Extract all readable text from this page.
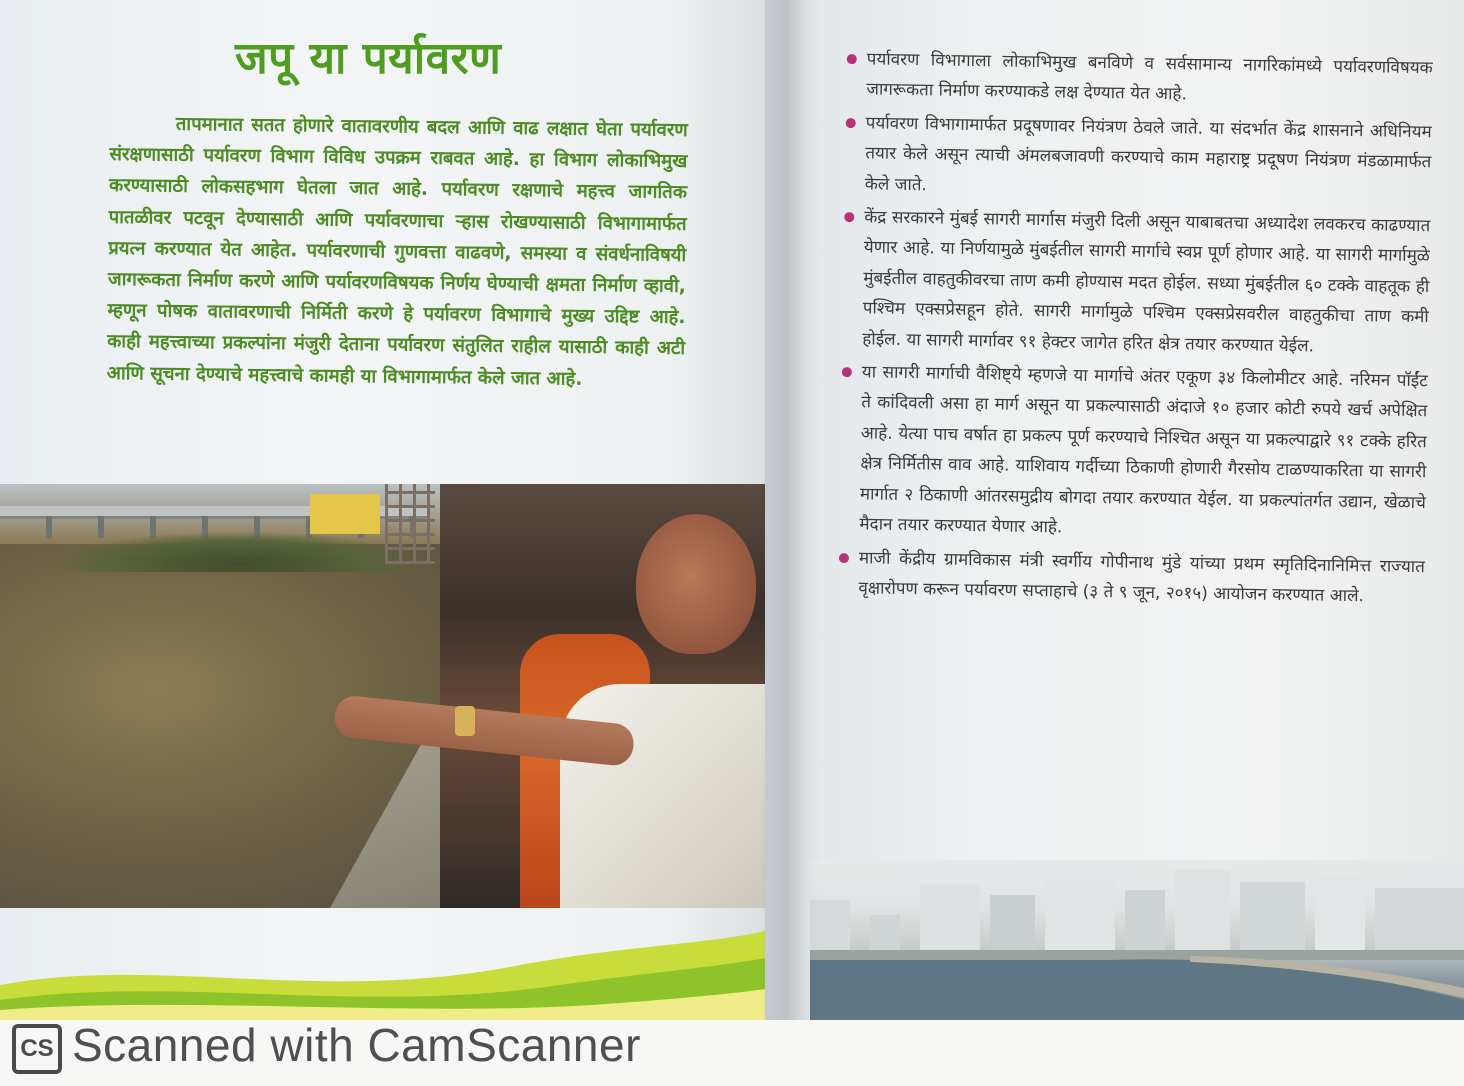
जपू या पर्यावरण

तापमानात सतत होणारे वातावरणीय बदल आणि वाढ लक्षात घेता पर्यावरण संरक्षणासाठी पर्यावरण विभाग विविध उपक्रम राबवत आहे. हा विभाग लोकाभिमुख करण्यासाठी लोकसहभाग घेतला जात आहे. पर्यावरण रक्षणाचे महत्त्व जागतिक पातळीवर पटवून देण्यासाठी आणि पर्यावरणाचा ऱ्हास रोखण्यासाठी विभागामार्फत प्रयत्न करण्यात येत आहेत. पर्यावरणाची गुणवत्ता वाढवणे, समस्या व संवर्धनाविषयी जागरूकता निर्माण करणे आणि पर्यावरणविषयक निर्णय घेण्याची क्षमता निर्माण व्हावी, म्हणून पोषक वातावरणाची निर्मिती करणे हे पर्यावरण विभागाचे मुख्य उद्दिष्ट आहे. काही महत्त्वाच्या प्रकल्पांना मंजुरी देताना पर्यावरण संतुलित राहील यासाठी काही अटी आणि सूचना देण्याचे महत्त्वाचे कामही या विभागामार्फत केले जात आहे.

पर्यावरण विभागाला लोकाभिमुख बनविणे व सर्वसामान्य नागरिकांमध्ये पर्यावरणविषयक जागरूकता निर्माण करण्याकडे लक्ष देण्यात येत आहे.
पर्यावरण विभागामार्फत प्रदूषणावर नियंत्रण ठेवले जाते. या संदर्भात केंद्र शासनाने अधिनियम तयार केले असून त्याची अंमलबजावणी करण्याचे काम महाराष्ट्र प्रदूषण नियंत्रण मंडळामार्फत केले जाते.
केंद्र सरकारने मुंबई सागरी मार्गास मंजुरी दिली असून याबाबतचा अध्यादेश लवकरच काढण्यात येणार आहे. या निर्णयामुळे मुंबईतील सागरी मार्गाचे स्वप्न पूर्ण होणार आहे. या सागरी मार्गामुळे मुंबईतील वाहतुकीवरचा ताण कमी होण्यास मदत होईल. सध्या मुंबईतील ६० टक्के वाहतूक ही पश्चिम एक्सप्रेसहून होते. सागरी मार्गामुळे पश्चिम एक्सप्रेसवरील वाहतुकीचा ताण कमी होईल. या सागरी मार्गावर ९१ हेक्टर जागेत हरित क्षेत्र तयार करण्यात येईल.
या सागरी मार्गाची वैशिष्ट्ये म्हणजे या मार्गाचे अंतर एकूण ३४ किलोमीटर आहे. नरिमन पॉईंट ते कांदिवली असा हा मार्ग असून या प्रकल्पासाठी अंदाजे १० हजार कोटी रुपये खर्च अपेक्षित आहे. येत्या पाच वर्षात हा प्रकल्प पूर्ण करण्याचे निश्चित असून या प्रकल्पाद्वारे ९१ टक्के हरित क्षेत्र निर्मितीस वाव आहे. याशिवाय गर्दीच्या ठिकाणी होणारी गैरसोय टाळण्याकरिता या सागरी मार्गात २ ठिकाणी आंतरसमुद्रीय बोगदा तयार करण्यात येईल. या प्रकल्पांतर्गत उद्यान, खेळाचे मैदान तयार करण्यात येणार आहे.
माजी केंद्रीय ग्रामविकास मंत्री स्वर्गीय गोपीनाथ मुंडे यांच्या प्रथम स्मृतिदिनानिमित्त राज्यात वृक्षारोपण करून पर्यावरण सप्ताहाचे (३ ते ९ जून, २०१५) आयोजन करण्यात आले.
CS Scanned with CamScanner
